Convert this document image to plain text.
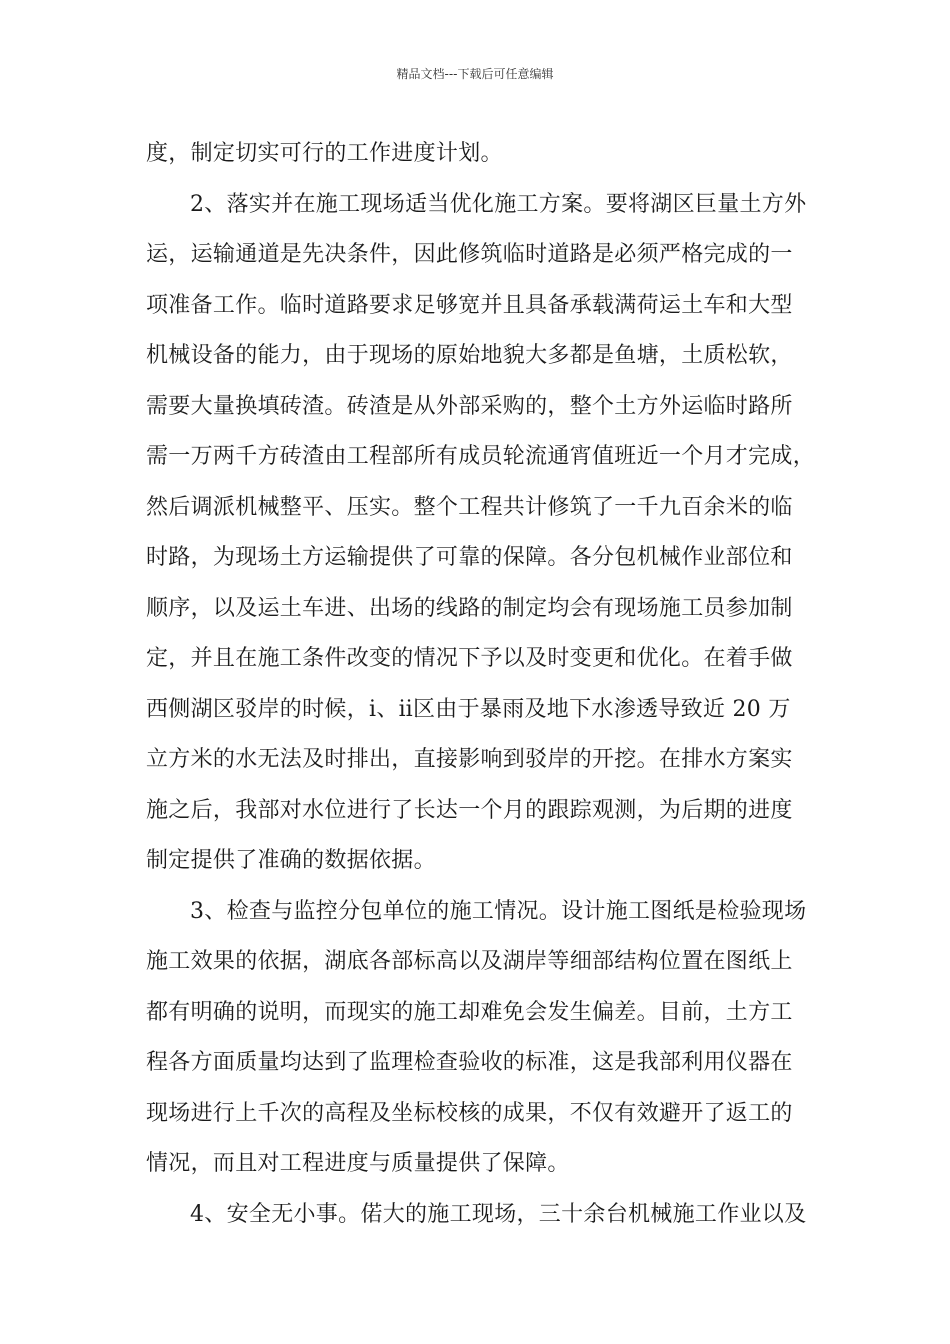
精品文档---下载后可任意编辑
度，制定切实可行的工作进度计划。
2、落实并在施工现场适当优化施工方案。要将湖区巨量土方外
运，运输通道是先决条件，因此修筑临时道路是必须严格完成的一
项准备工作。临时道路要求足够宽并且具备承载满荷运土车和大型
机械设备的能力，由于现场的原始地貌大多都是鱼塘，土质松软，
需要大量换填砖渣。砖渣是从外部采购的，整个土方外运临时路所
需一万两千方砖渣由工程部所有成员轮流通宵值班近一个月才完成，
然后调派机械整平、压实。整个工程共计修筑了一千九百余米的临
时路，为现场土方运输提供了可靠的保障。各分包机械作业部位和
顺序，以及运土车进、出场的线路的制定均会有现场施工员参加制
定，并且在施工条件改变的情况下予以及时变更和优化。在着手做
西侧湖区驳岸的时候，ⅰ、ⅱ区由于暴雨及地下水渗透导致近 20 万
立方米的水无法及时排出，直接影响到驳岸的开挖。在排水方案实
施之后，我部对水位进行了长达一个月的跟踪观测，为后期的进度
制定提供了准确的数据依据。
3、检查与监控分包单位的施工情况。设计施工图纸是检验现场
施工效果的依据，湖底各部标高以及湖岸等细部结构位置在图纸上
都有明确的说明，而现实的施工却难免会发生偏差。目前，土方工
程各方面质量均达到了监理检查验收的标准，这是我部利用仪器在
现场进行上千次的高程及坐标校核的成果，不仅有效避开了返工的
情况，而且对工程进度与质量提供了保障。
4、安全无小事。偌大的施工现场，三十余台机械施工作业以及
